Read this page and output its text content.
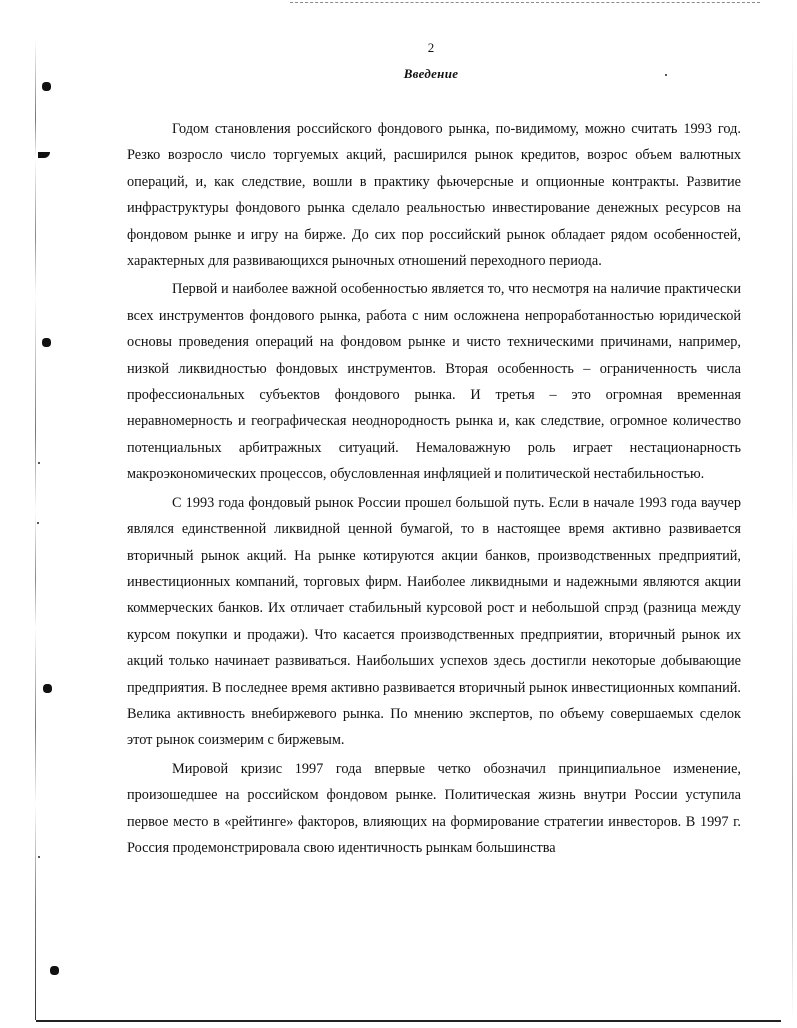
2
Введение

Годом становления российского фондового рынка, по-видимому, можно считать 1993 год. Резко возросло число торгуемых акций, расширился рынок кредитов, возрос объем валютных операций, и, как следствие, вошли в практику фьючерсные и опционные контракты. Развитие инфраструктуры фондового рынка сделало реальностью инвестирование денежных ресурсов на фондовом рынке и игру на бирже. До сих пор российский рынок обладает рядом особенностей, характерных для развивающихся рыночных отношений переходного периода.

Первой и наиболее важной особенностью является то, что несмотря на наличие практически всех инструментов фондового рынка, работа с ним осложнена непроработанностью юридической основы проведения операций на фондовом рынке и чисто техническими причинами, например, низкой ликвидностью фондовых инструментов. Вторая особенность – ограниченность числа профессиональных субъектов фондового рынка. И третья – это огромная временная неравномерность и географическая неоднородность рынка и, как следствие, огромное количество потенциальных арбитражных ситуаций. Немаловажную роль играет нестационарность макроэкономических процессов, обусловленная инфляцией и политической нестабильностью.

С 1993 года фондовый рынок России прошел большой путь. Если в начале 1993 года ваучер являлся единственной ликвидной ценной бумагой, то в настоящее время активно развивается вторичный рынок акций. На рынке котируются акции банков, производственных предприятий, инвестиционных компаний, торговых фирм. Наиболее ликвидными и надежными являются акции коммерческих банков. Их отличает стабильный курсовой рост и небольшой спрэд (разница между курсом покупки и продажи). Что касается производственных предприятии, вторичный рынок их акций только начинает развиваться. Наибольших успехов здесь достигли некоторые добывающие предприятия. В последнее время активно развивается вторичный рынок инвестиционных компаний. Велика активность внебиржевого рынка. По мнению экспертов, по объему совершаемых сделок этот рынок соизмерим с биржевым.

Мировой кризис 1997 года впервые четко обозначил принципиальное изменение, произошедшее на российском фондовом рынке. Политическая жизнь внутри России уступила первое место в «рейтинге» факторов, влияющих на формирование стратегии инвесторов. В 1997 г. Россия продемонстрировала свою идентичность рынкам большинства
